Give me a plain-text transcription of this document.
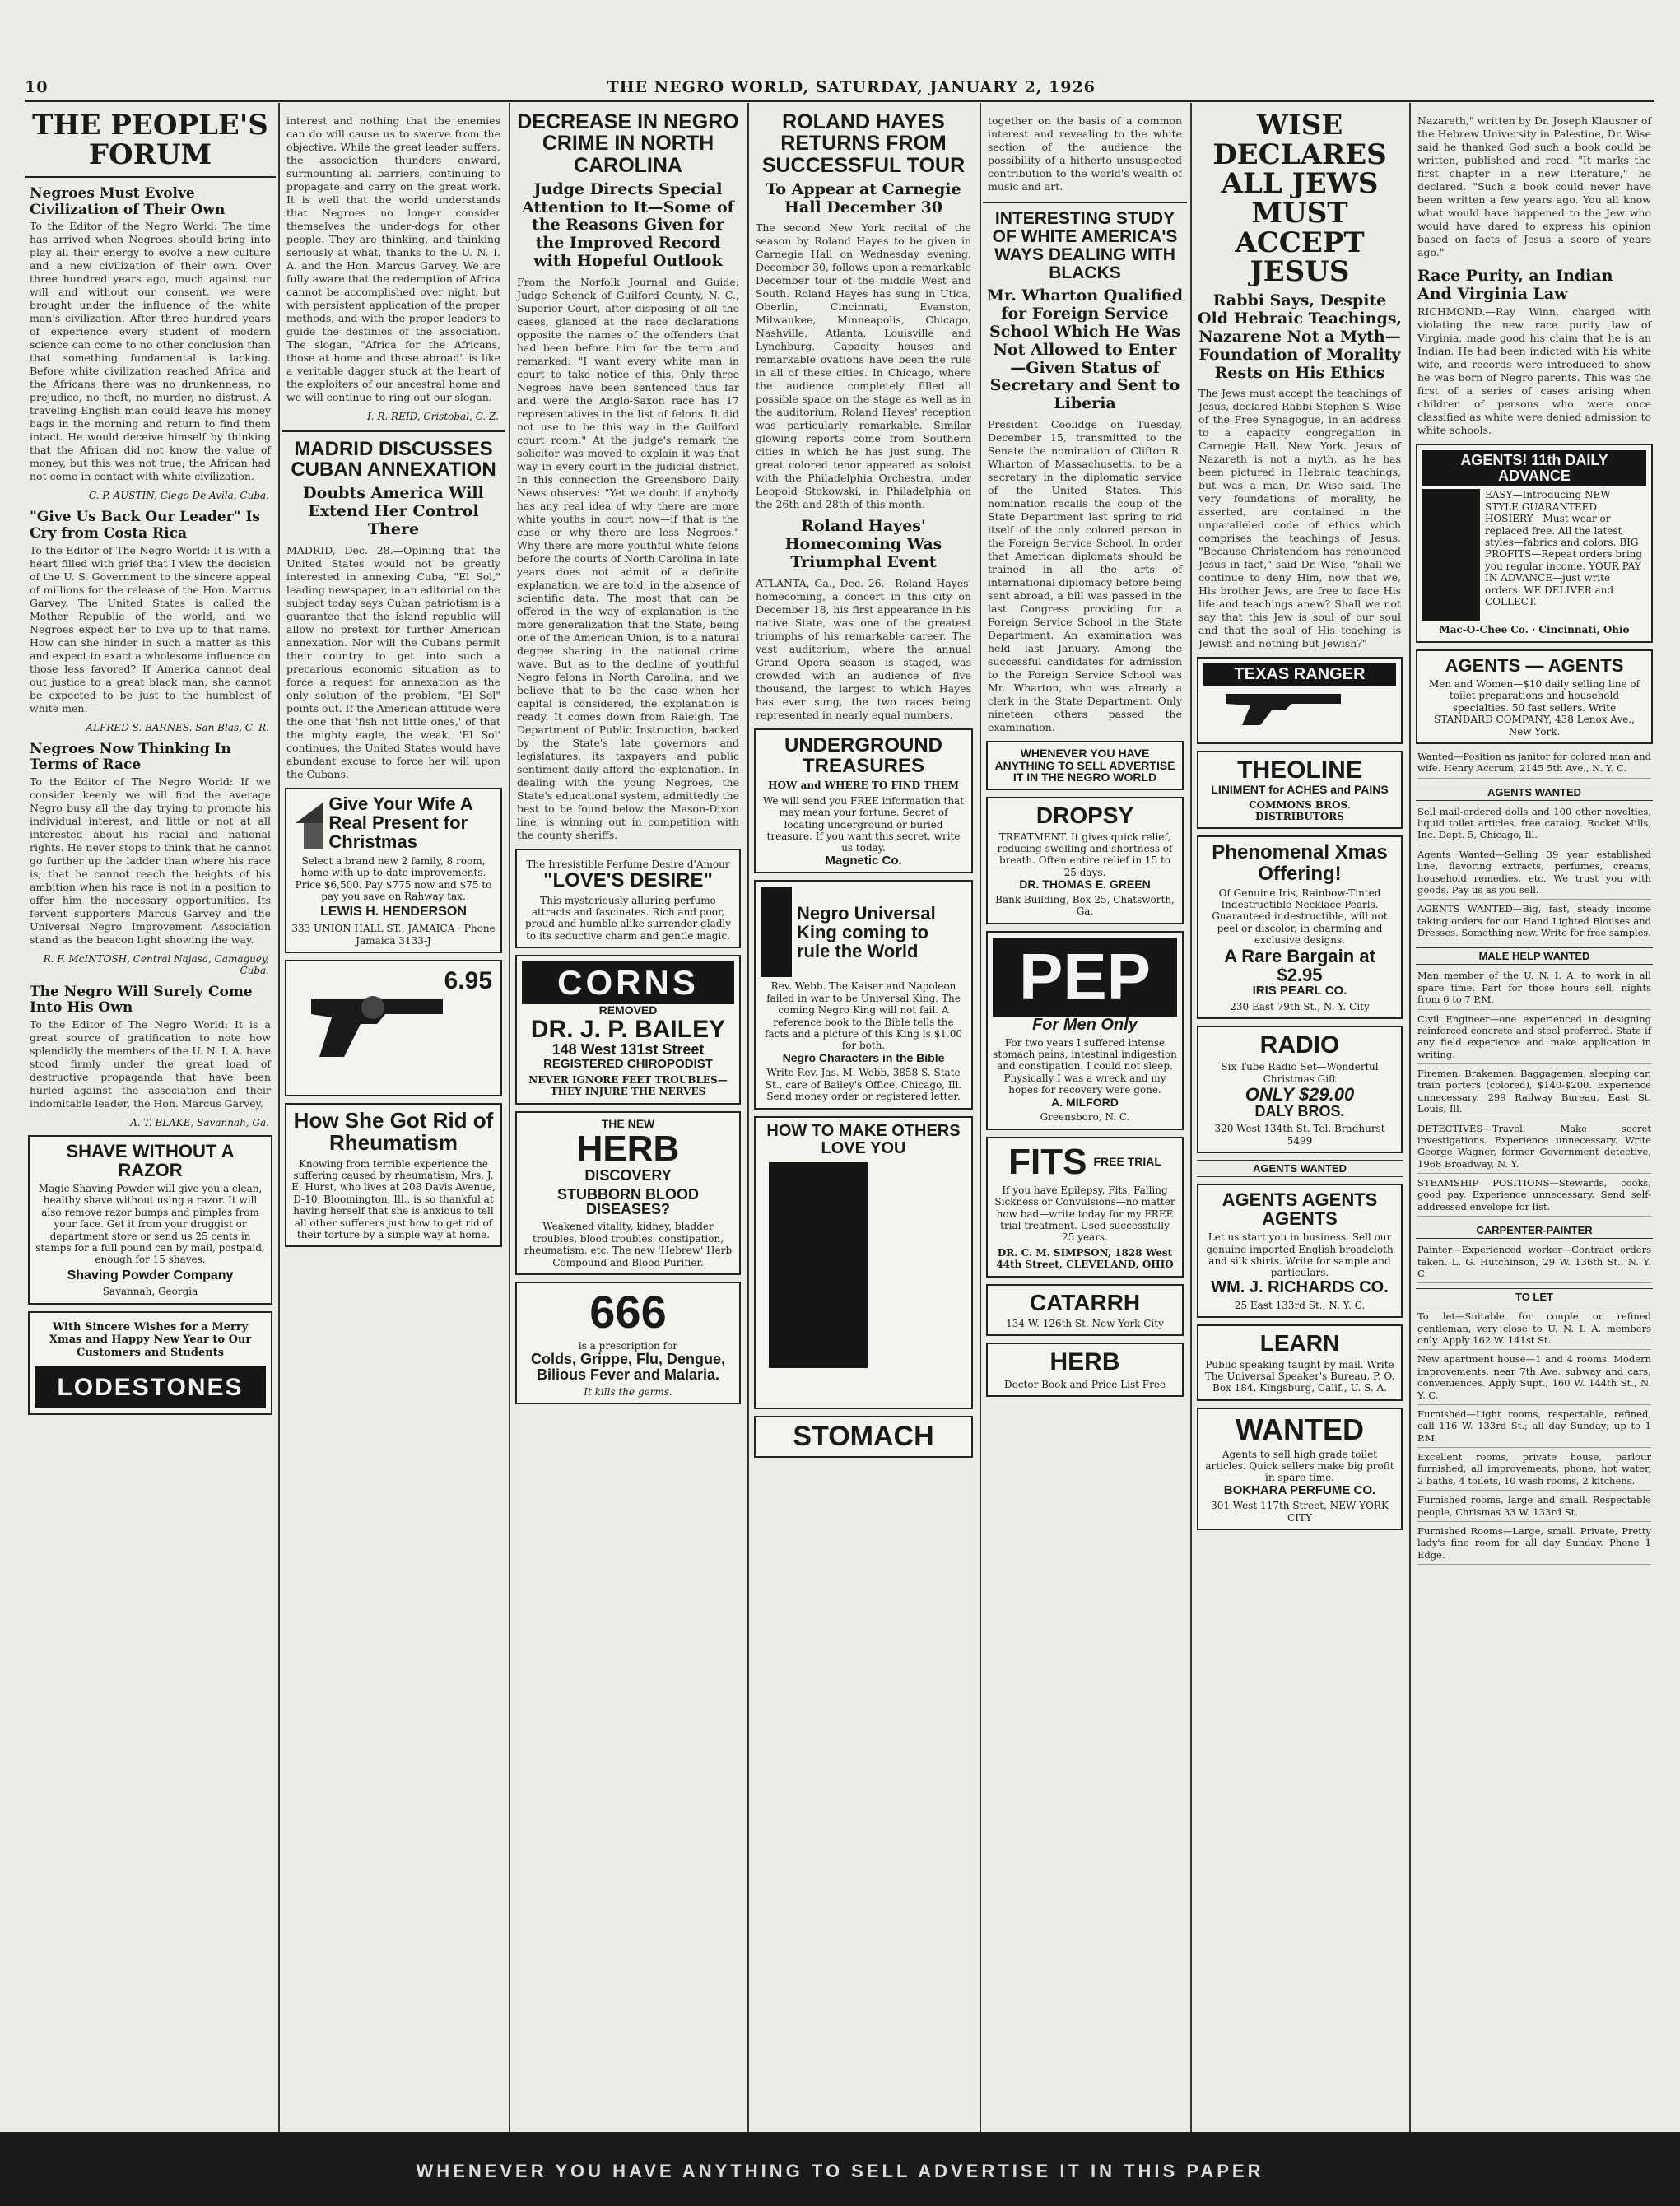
10	THE NEGRO WORLD, SATURDAY, JANUARY 2, 1926
THE PEOPLE'S FORUM
Negroes Must Evolve Civilization of Their Own
To the Editor of the Negro World: The time has arrived when Negroes should bring into play all their energy to evolve a new culture and a new civilization of their own. Over three hundred years ago, much against our will and without our consent, we were brought under the influence of the white man's civilization. After three hundred years of experience every student of modern science can come to no other conclusion than that something fundamental is lacking. Before white civilization reached Africa and the Africans there was no drunkenness, no prejudice, no theft, no murder, no distrust. A traveling English man could leave his money bags in the morning and return to find them intact. He would deceive himself by thinking that the African did not know the value of money, but this was not true; the African had not come in contact with white civilization.
C. P. AUSTIN, Ciego De Avila, Cuba.
"Give Us Back Our Leader" Is Cry from Costa Rica
To the Editor of The Negro World: It is with a heart filled with grief that I view the decision of the U. S. Government to the sincere appeal of millions for the release of the Hon. Marcus Garvey. The United States is called the Mother Republic of the world, and we Negroes expect her to live up to that name. How can she hinder in such a matter as this and expect to exact a wholesome influence on those less favored? If America cannot deal out justice to a great black man, she cannot be expected to be just to the humblest of white men.
ALFRED S. BARNES. San Blas, C. R.
Negroes Now Thinking In Terms of Race
To the Editor of The Negro World: If we consider keenly we will find the average Negro busy all the day trying to promote his individual interest, and little or not at all interested about his racial and national rights. He never stops to think that he cannot go further up the ladder than where his race is; that he cannot reach the heights of his ambition when his race is not in a position to offer him the necessary opportunities. Its fervent supporters Marcus Garvey and the Universal Negro Improvement Association stand as the beacon light showing the way.
R. F. McINTOSH, Central Najasa, Camaguey, Cuba.
The Negro Will Surely Come Into His Own
To the Editor of The Negro World: It is a great source of gratification to note how splendidly the members of the U. N. I. A. have stood firmly under the great load of destructive propaganda that have been hurled against the association and their indomitable leader, the Hon. Marcus Garvey.
A. T. BLAKE, Savannah, Ga.
SHAVE WITHOUT A RAZOR
Magic Shaving Powder will give you a clean, healthy shave without using a razor. It will also remove razor bumps and pimples from your face. Get it from your druggist or department store or send us 25 cents in stamps for a full pound can by mail, postpaid, enough for 15 shaves.
Shaving Powder Company
Savannah, Georgia
With Sincere Wishes for a Merry Xmas and Happy New Year to Our Customers and Students
LODESTONES
interest and nothing that the enemies can do will cause us to swerve from the objective. While the great leader suffers, the association thunders onward, surmounting all barriers, continuing to propagate and carry on the great work. It is well that the world understands that Negroes no longer consider themselves the under-dogs for other people. They are thinking, and thinking seriously at what, thanks to the U. N. I. A. and the Hon. Marcus Garvey. We are fully aware that the redemption of Africa cannot be accomplished over night, but with persistent application of the proper methods, and with the proper leaders to guide the destinies of the association. The slogan, "Africa for the Africans, those at home and those abroad" is like a veritable dagger stuck at the heart of the exploiters of our ancestral home and we will continue to ring out our slogan.
I. R. REID, Cristobal, C. Z.
MADRID DISCUSSES CUBAN ANNEXATION
Doubts America Will Extend Her Control There
MADRID, Dec. 28.—Opining that the United States would not be greatly interested in annexing Cuba, "El Sol," leading newspaper, in an editorial on the subject today says Cuban patriotism is a guarantee that the island republic will allow no pretext for further American annexation. Nor will the Cubans permit their country to get into such a precarious economic situation as to force a request for annexation as the only solution of the problem, "El Sol" points out. If the American attitude were the one that 'fish not little ones,' of that the mighty eagle, the weak, 'El Sol' continues, the United States would have abundant excuse to force her will upon the Cubans.
Give Your Wife A Real Present for Christmas
Select a brand new 2 family, 8 room, home with up-to-date improvements. Price $6,500. Pay $775 now and $75 to pay you save on Rahway tax.
LEWIS H. HENDERSON
333 UNION HALL ST., JAMAICA · Phone Jamaica 3133-J
6.95
How She Got Rid of Rheumatism
Knowing from terrible experience the suffering caused by rheumatism, Mrs. J. E. Hurst, who lives at 208 Davis Avenue, D-10, Bloomington, Ill., is so thankful at having herself that she is anxious to tell all other sufferers just how to get rid of their torture by a simple way at home.
DECREASE IN NEGRO CRIME IN NORTH CAROLINA
Judge Directs Special Attention to It—Some of the Reasons Given for the Improved Record with Hopeful Outlook
From the Norfolk Journal and Guide: Judge Schenck of Guilford County, N. C., Superior Court, after disposing of all the cases, glanced at the race declarations opposite the names of the offenders that had been before him for the term and remarked: "I want every white man in court to take notice of this. Only three Negroes have been sentenced thus far and were the Anglo-Saxon race has 17 representatives in the list of felons. It did not use to be this way in the Guilford court room." At the judge's remark the solicitor was moved to explain it was that way in every court in the judicial district. In this connection the Greensboro Daily News observes: "Yet we doubt if anybody has any real idea of why there are more white youths in court now—if that is the case—or why there are less Negroes." Why there are more youthful white felons before the courts of North Carolina in late years does not admit of a definite explanation, we are told, in the absence of scientific data. The most that can be offered in the way of explanation is the more generalization that the State, being one of the American Union, is to a natural degree sharing in the national crime wave. But as to the decline of youthful Negro felons in North Carolina, and we believe that to be the case when her capital is considered, the explanation is ready. It comes down from Raleigh. The Department of Public Instruction, backed by the State's late governors and legislatures, its taxpayers and public sentiment daily afford the explanation. In dealing with the young Negroes, the State's educational system, admittedly the best to be found below the Mason-Dixon line, is winning out in competition with the county sheriffs.
The Irresistible Perfume Desire d'Amour
"LOVE'S DESIRE"
This mysteriously alluring perfume attracts and fascinates. Rich and poor, proud and humble alike surrender gladly to its seductive charm and gentle magic.
CORNS
REMOVED
DR. J. P. BAILEY
148 West 131st Street
REGISTERED CHIROPODIST
NEVER IGNORE FEET TROUBLES—THEY INJURE THE NERVES
THE NEW
HERB
DISCOVERY
STUBBORN BLOOD DISEASES?
Weakened vitality, kidney, bladder troubles, blood troubles, constipation, rheumatism, etc. The new 'Hebrew' Herb Compound and Blood Purifier.
666
is a prescription for
Colds, Grippe, Flu, Dengue, Bilious Fever and Malaria.
It kills the germs.
ROLAND HAYES RETURNS FROM SUCCESSFUL TOUR
To Appear at Carnegie Hall December 30
The second New York recital of the season by Roland Hayes to be given in Carnegie Hall on Wednesday evening, December 30, follows upon a remarkable December tour of the middle West and South. Roland Hayes has sung in Utica, Oberlin, Cincinnati, Evanston, Milwaukee, Minneapolis, Chicago, Nashville, Atlanta, Louisville and Lynchburg. Capacity houses and remarkable ovations have been the rule in all of these cities. In Chicago, where the audience completely filled all possible space on the stage as well as in the auditorium, Roland Hayes' reception was particularly remarkable. Similar glowing reports come from Southern cities in which he has just sung. The great colored tenor appeared as soloist with the Philadelphia Orchestra, under Leopold Stokowski, in Philadelphia on the 26th and 28th of this month.
Roland Hayes' Homecoming Was Triumphal Event
ATLANTA, Ga., Dec. 26.—Roland Hayes' homecoming, a concert in this city on December 18, his first appearance in his native State, was one of the greatest triumphs of his remarkable career. The vast auditorium, where the annual Grand Opera season is staged, was crowded with an audience of five thousand, the largest to which Hayes has ever sung, the two races being represented in nearly equal numbers.
UNDERGROUND TREASURES
HOW and WHERE TO FIND THEM
We will send you FREE information that may mean your fortune. Secret of locating underground or buried treasure. If you want this secret, write us today.
Magnetic Co.
Negro Universal King coming to rule the World
Rev. Webb. The Kaiser and Napoleon failed in war to be Universal King. The coming Negro King will not fail. A reference book to the Bible tells the facts and a picture of this King is $1.00 for both.
Negro Characters in the Bible
Write Rev. Jas. M. Webb, 3858 S. State St., care of Bailey's Office, Chicago, Ill. Send money order or registered letter.
HOW TO MAKE OTHERS LOVE YOU
STOMACH
together on the basis of a common interest and revealing to the white section of the audience the possibility of a hitherto unsuspected contribution to the world's wealth of music and art.
INTERESTING STUDY OF WHITE AMERICA'S WAYS DEALING WITH BLACKS
Mr. Wharton Qualified for Foreign Service School Which He Was Not Allowed to Enter—Given Status of Secretary and Sent to Liberia
President Coolidge on Tuesday, December 15, transmitted to the Senate the nomination of Clifton R. Wharton of Massachusetts, to be a secretary in the diplomatic service of the United States. This nomination recalls the coup of the State Department last spring to rid itself of the only colored person in the Foreign Service School. In order that American diplomats should be trained in all the arts of international diplomacy before being sent abroad, a bill was passed in the last Congress providing for a Foreign Service School in the State Department. An examination was held last January. Among the successful candidates for admission to the Foreign Service School was Mr. Wharton, who was already a clerk in the State Department. Only nineteen others passed the examination.
WHENEVER YOU HAVE ANYTHING TO SELL ADVERTISE IT IN THE NEGRO WORLD
DROPSY
TREATMENT. It gives quick relief, reducing swelling and shortness of breath. Often entire relief in 15 to 25 days.
DR. THOMAS E. GREEN
Bank Building, Box 25, Chatsworth, Ga.
PEP
For Men Only
For two years I suffered intense stomach pains, intestinal indigestion and constipation. I could not sleep. Physically I was a wreck and my hopes for recovery were gone.
A. MILFORD
Greensboro, N. C.
FITS FREE TRIAL
If you have Epilepsy, Fits, Falling Sickness or Convulsions—no matter how bad—write today for my FREE trial treatment. Used successfully 25 years.
DR. C. M. SIMPSON, 1828 West 44th Street, CLEVELAND, OHIO
CATARRH
134 W. 126th St. New York City
HERB
Doctor Book and Price List Free
WISE DECLARES ALL JEWS MUST ACCEPT JESUS
Rabbi Says, Despite Old Hebraic Teachings, Nazarene Not a Myth—Foundation of Morality Rests on His Ethics
The Jews must accept the teachings of Jesus, declared Rabbi Stephen S. Wise of the Free Synagogue, in an address to a capacity congregation in Carnegie Hall, New York. Jesus of Nazareth is not a myth, as he has been pictured in Hebraic teachings, but was a man, Dr. Wise said. The very foundations of morality, he asserted, are contained in the unparalleled code of ethics which comprises the teachings of Jesus. "Because Christendom has renounced Jesus in fact," said Dr. Wise, "shall we continue to deny Him, now that we, His brother Jews, are free to face His life and teachings anew? Shall we not say that this Jew is soul of our soul and that the soul of His teaching is Jewish and nothing but Jewish?"
TEXAS RANGER
THEOLINE
LINIMENT for ACHES and PAINS
COMMONS BROS. DISTRIBUTORS
Phenomenal Xmas Offering!
Of Genuine Iris, Rainbow-Tinted Indestructible Necklace Pearls. Guaranteed indestructible, will not peel or discolor, in charming and exclusive designs.
A Rare Bargain at $2.95
IRIS PEARL CO.
230 East 79th St., N. Y. City
RADIO
Six Tube Radio Set—Wonderful Christmas Gift
ONLY $29.00
DALY BROS.
320 West 134th St. Tel. Bradhurst 5499
AGENTS WANTED
AGENTS AGENTS AGENTS
Let us start you in business. Sell our genuine imported English broadcloth and silk shirts. Write for sample and particulars.
WM. J. RICHARDS CO.
25 East 133rd St., N. Y. C.
LEARN
Public speaking taught by mail. Write The Universal Speaker's Bureau, P. O. Box 184, Kingsburg, Calif., U. S. A.
WANTED
Agents to sell high grade toilet articles. Quick sellers make big profit in spare time.
BOKHARA PERFUME CO.
301 West 117th Street, NEW YORK CITY
Nazareth," written by Dr. Joseph Klausner of the Hebrew University in Palestine, Dr. Wise said he thanked God such a book could be written, published and read. "It marks the first chapter in a new literature," he declared. "Such a book could never have been written a few years ago. You all know what would have happened to the Jew who would have dared to express his opinion based on facts of Jesus a score of years ago."
Race Purity, an Indian And Virginia Law
RICHMOND.—Ray Winn, charged with violating the new race purity law of Virginia, made good his claim that he is an Indian. He had been indicted with his white wife, and records were introduced to show he was born of Negro parents. This was the first of a series of cases arising when children of persons who were once classified as white were denied admission to white schools.
AGENTS! 11th DAILY ADVANCE
EASY—Introducing NEW STYLE GUARANTEED HOSIERY—Must wear or replaced free. All the latest styles—fabrics and colors. BIG PROFITS—Repeat orders bring you regular income. YOUR PAY IN ADVANCE—just write orders. WE DELIVER and COLLECT.
Mac-O-Chee Co. · Cincinnati, Ohio
AGENTS — AGENTS
Men and Women—$10 daily selling line of toilet preparations and household specialties. 50 fast sellers. Write STANDARD COMPANY, 438 Lenox Ave., New York.
Wanted—Position as janitor for colored man and wife. Henry Accrum, 2145 5th Ave., N. Y. C.
AGENTS WANTED
Sell mail-ordered dolls and 100 other novelties, liquid toilet articles, free catalog. Rocket Mills, Inc. Dept. 5, Chicago, Ill.
Agents Wanted—Selling 39 year established line, flavoring extracts, perfumes, creams, household remedies, etc. We trust you with goods. Pay us as you sell.
AGENTS WANTED—Big, fast, steady income taking orders for our Hand Lighted Blouses and Dresses. Something new. Write for free samples.
MALE HELP WANTED
Man member of the U. N. I. A. to work in all spare time. Part for those hours sell, nights from 6 to 7 P.M.
Civil Engineer—one experienced in designing reinforced concrete and steel preferred. State if any field experience and make application in writing.
Firemen, Brakemen, Baggagemen, sleeping car, train porters (colored), $140-$200. Experience unnecessary. 299 Railway Bureau, East St. Louis, Ill.
DETECTIVES—Travel. Make secret investigations. Experience unnecessary. Write George Wagner, former Government detective, 1968 Broadway, N. Y.
STEAMSHIP POSITIONS—Stewards, cooks, good pay. Experience unnecessary. Send self-addressed envelope for list.
CARPENTER-PAINTER
Painter—Experienced worker—Contract orders taken. L. G. Hutchinson, 29 W. 136th St., N. Y. C.
TO LET
To let—Suitable for couple or refined gentleman, very close to U. N. I. A. members only. Apply 162 W. 141st St.
New apartment house—1 and 4 rooms. Modern improvements; near 7th Ave. subway and cars; conveniences. Apply Supt., 160 W. 144th St., N. Y. C.
Furnished—Light rooms, respectable, refined, call 116 W. 133rd St.; all day Sunday; up to 1 P.M.
Excellent rooms, private house, parlour furnished, all improvements, phone, hot water, 2 baths, 4 toilets, 10 wash rooms, 2 kitchens.
Furnished rooms, large and small. Respectable people, Chrismas 33 W. 133rd St.
Furnished Rooms—Large, small. Private, Pretty lady's fine room for all day Sunday. Phone 1 Edge.
WHENEVER YOU HAVE ANYTHING TO SELL ADVERTISE IT IN THIS PAPER
